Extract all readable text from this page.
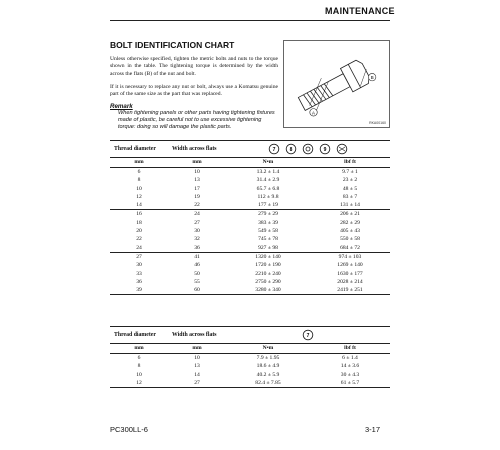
MAINTENANCE
BOLT IDENTIFICATION CHART
Unless otherwise specified, tighten the metric bolts and nuts to the torque shown in the table. The tightening torque is determined by the width across the flats (B) of the nut and bolt.
If it is necessary to replace any nut or bolt, always use a Komatsu genuine part of the same size as the part that was replaced.
Remark
When tightening panels or other parts having tightening fixtures made of plastic, be careful not to use excessive tightening torque: doing so will damage the plastic parts.
A
B
RKA00160
Thread diameter	Width across flats	7 8 9	

mm	mm	N•m	lbf ft
6	10	13.2 ± 1.4	9.7 ± 1
8	13	31.4 ± 2.9	23 ± 2
10	17	65.7 ± 6.8	48 ± 5
12	19	112 ± 9.8	83 ± 7
14	22	177 ± 19	131 ± 14
16	24	279 ± 29	206 ± 21
18	27	383 ± 39	282 ± 29
20	30	549 ± 58	405 ± 43
22	32	745 ± 78	550 ± 58
24	36	927 ± 98	684 ± 72
27	41	1320 ± 140	974 ± 103
30	46	1720 ± 190	1269 ± 140
33	50	2210 ± 240	1630 ± 177
36	55	2750 ± 290	2028 ± 214
39	60	3280 ± 340	2419 ± 251
Thread diameter	Width across flats	7	

mm	mm	N•m	lbf ft
6	10	7.9 ± 1.95	6 ± 1.4
8	13	18.6 ± 4.9	14 ± 3.6
10	14	40.2 ± 5.9	30 ± 4.3
12	27	82.4 ± 7.85	61 ± 5.7
PC300LL-6	3-17
